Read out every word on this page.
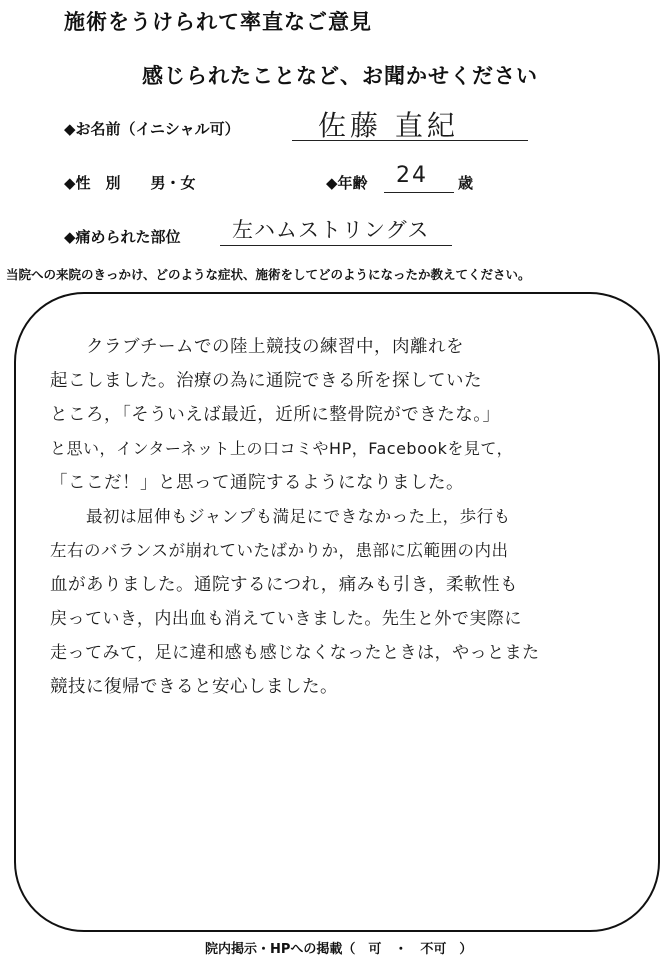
施術をうけられて率直なご意見
感じられたことなど、お聞かせください
◆お名前（イニシャル可）	佐藤 直紀
◆性　別　　男・女	◆年齢 24 歳
◆痛められた部位 左ハムストリングス
当院への来院のきっかけ、どのような症状、施術をしてどのようになったか教えてください。
クラブチームでの陸上競技の練習中，肉離れを
起こしました。治療の為に通院できる所を探していた
ところ，「そういえば最近，近所に整骨院ができたな。」
と思い，インターネット上の口コミやHP，Facebookを見て，
「ここだ！」と思って通院するようになりました。
最初は屈伸もジャンプも満足にできなかった上，歩行も
左右のバランスが崩れていたばかりか，患部に広範囲の内出
血がありました。通院するにつれ，痛みも引き，柔軟性も
戻っていき，内出血も消えていきました。先生と外で実際に
走ってみて，足に違和感も感じなくなったときは，やっとまた
競技に復帰できると安心しました。
院内掲示・HPへの掲載（　可　・　不可　）
